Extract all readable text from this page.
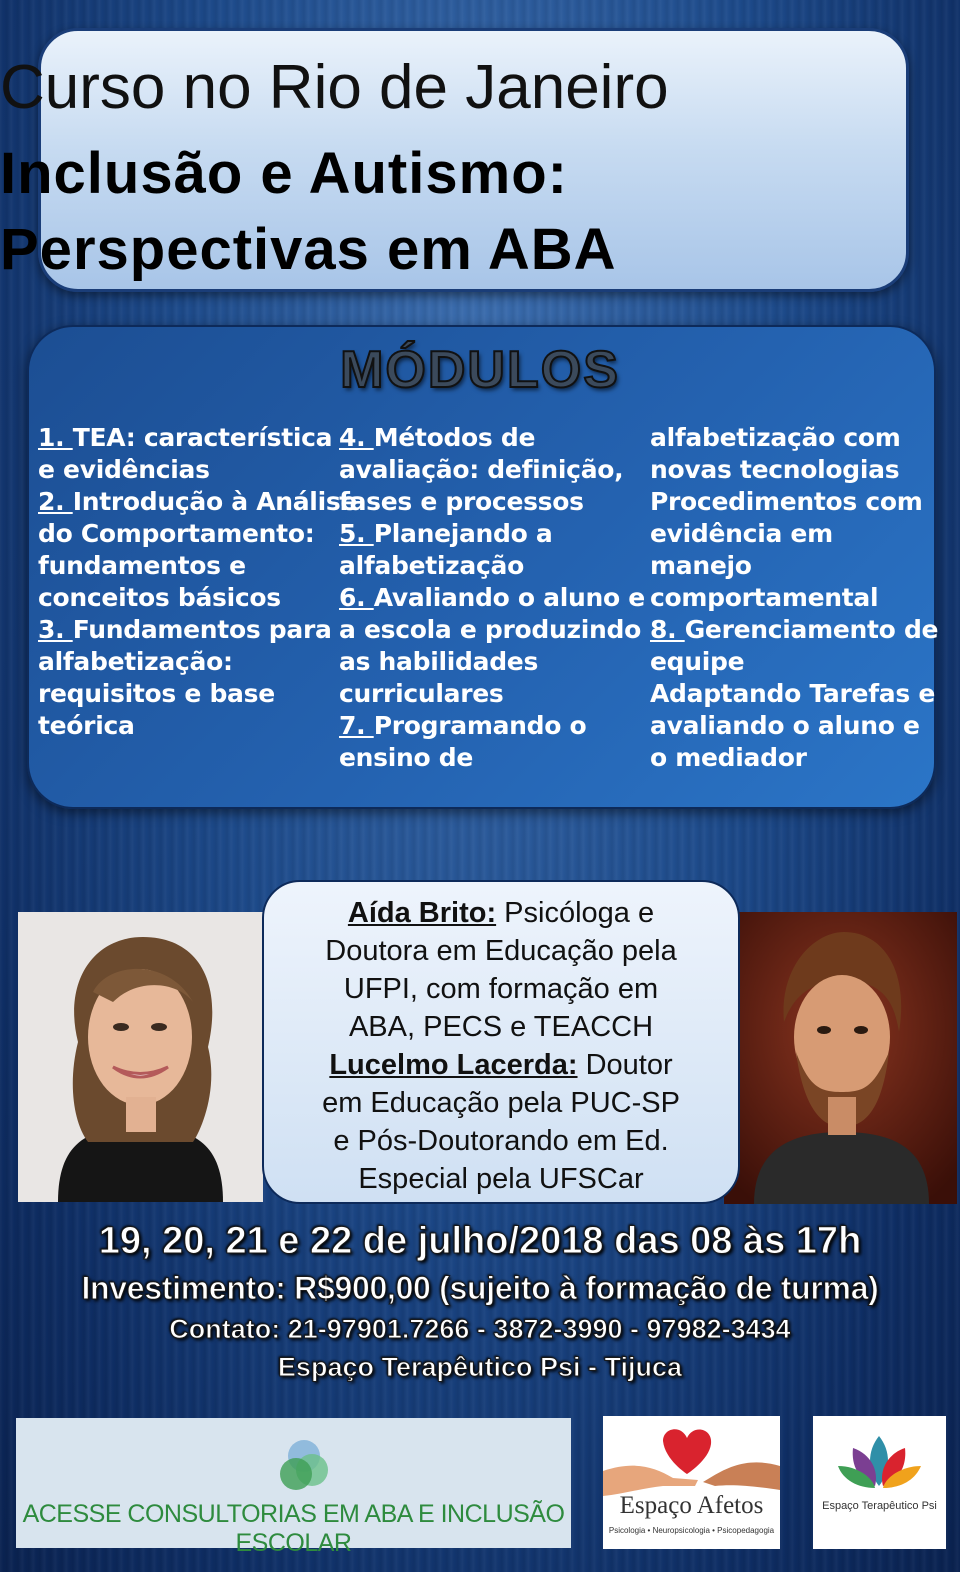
Curso no Rio de Janeiro
Inclusão e Autismo:
Perspectivas em ABA
MÓDULOS
1. TEA: característica
e evidências
2. Introdução à Análise
do Comportamento:
fundamentos e
conceitos básicos
3. Fundamentos para
alfabetização:
requisitos e base
teórica
4. Métodos de
avaliação: definição,
fases e processos
5. Planejando a
alfabetização
6. Avaliando o aluno e
a escola e produzindo
as habilidades
curriculares
7. Programando o
ensino de
alfabetização com
novas tecnologias
Procedimentos com
evidência em
manejo
comportamental
8. Gerenciamento de
equipe
Adaptando Tarefas e
avaliando o aluno e
o mediador
Aída Brito: Psicóloga e
Doutora em Educação pela
UFPI, com formação em
ABA, PECS e TEACCH
Lucelmo Lacerda: Doutor
em Educação pela PUC-SP
e Pós-Doutorando em Ed.
Especial pela UFSCar
19, 20, 21 e 22 de julho/2018 das 08 às 17h
Investimento: R$900,00 (sujeito à formação de turma)
Contato: 21-97901.7266 - 3872-3990 - 97982-3434
Espaço Terapêutico Psi - Tijuca
ACESSE CONSULTORIAS EM ABA E INCLUSÃO ESCOLAR
Espaço Afetos
Psicologia • Neuropsicologia • Psicopedagogia
Espaço Terapêutico Psi
